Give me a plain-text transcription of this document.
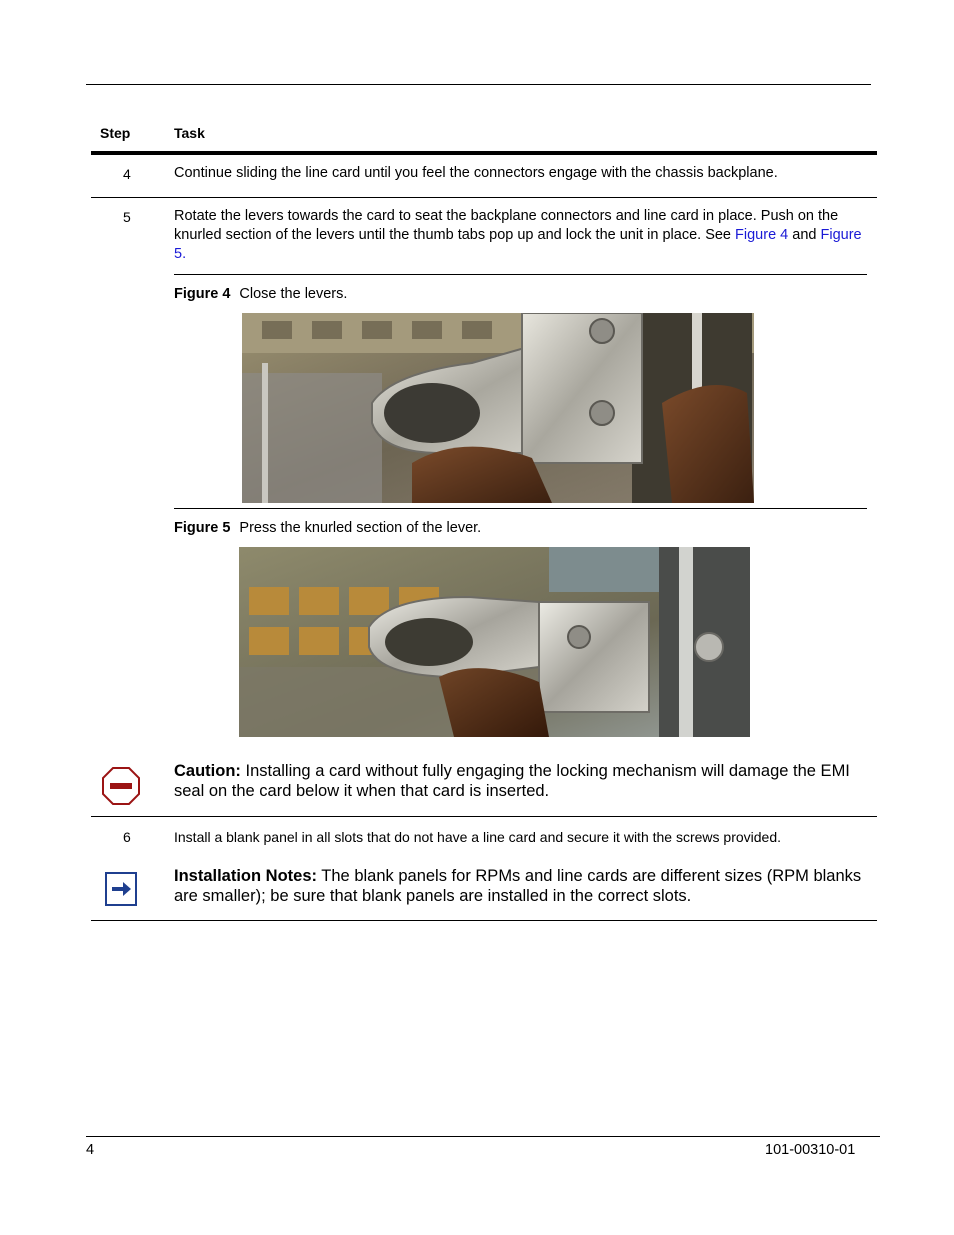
Step	Task
4	Continue sliding the line card until you feel the connectors engage with the chassis backplane.
5	Rotate the levers towards the card to seat the backplane connectors and line card in place. Push on the knurled section of the levers until the thumb tabs pop up and lock the unit in place. See Figure 4 and Figure 5.
Figure 4 Close the levers.
Figure 5 Press the knurled section of the lever.
Caution: Installing a card without fully engaging the locking mechanism will damage the EMI seal on the card below it when that card is inserted.
6	Install a blank panel in all slots that do not have a line card and secure it with the screws provided.
Installation Notes: The blank panels for RPMs and line cards are different sizes (RPM blanks are smaller); be sure that blank panels are installed in the correct slots.
4	101-00310-01
